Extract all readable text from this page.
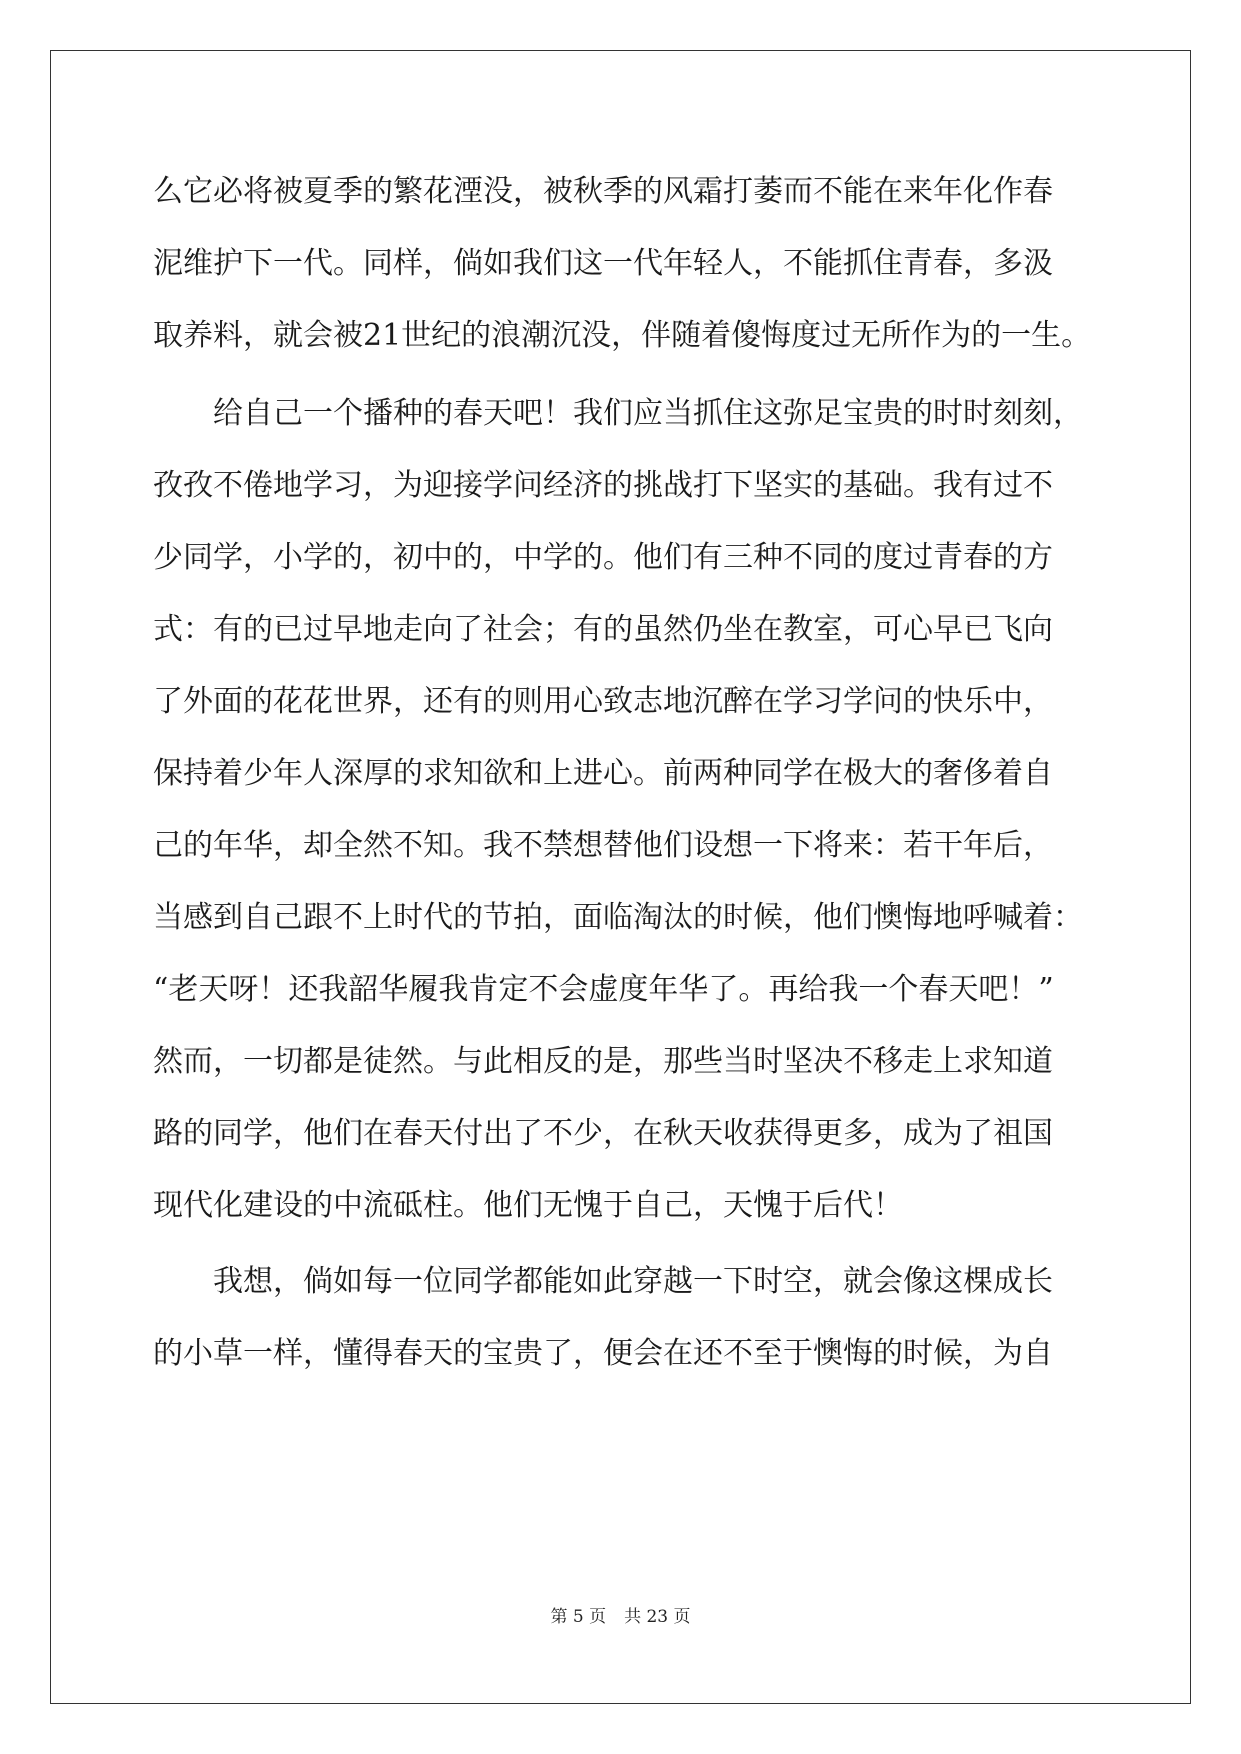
么它必将被夏季的繁花湮没，被秋季的风霜打萎而不能在来年化作春
泥维护下一代。同样，倘如我们这一代年轻人，不能抓住青春，多汲
取养料，就会被21世纪的浪潮沉没，伴随着傻悔度过无所作为的一生。
　　给自己一个播种的春天吧！我们应当抓住这弥足宝贵的时时刻刻，
孜孜不倦地学习，为迎接学问经济的挑战打下坚实的基础。我有过不
少同学，小学的，初中的，中学的。他们有三种不同的度过青春的方
式：有的已过早地走向了社会；有的虽然仍坐在教室，可心早已飞向
了外面的花花世界，还有的则用心致志地沉醉在学习学问的快乐中，
保持着少年人深厚的求知欲和上进心。前两种同学在极大的奢侈着自
己的年华，却全然不知。我不禁想替他们设想一下将来：若干年后，
当感到自己跟不上时代的节拍，面临淘汰的时候，他们懊悔地呼喊着：
“老天呀！还我韶华履我肯定不会虚度年华了。再给我一个春天吧！”
然而，一切都是徒然。与此相反的是，那些当时坚决不移走上求知道
路的同学，他们在春天付出了不少，在秋天收获得更多，成为了祖国
现代化建设的中流砥柱。他们无愧于自己，天愧于后代！
　　我想，倘如每一位同学都能如此穿越一下时空，就会像这棵成长
的小草一样，懂得春天的宝贵了，便会在还不至于懊悔的时候，为自
第 5 页 共 23 页
